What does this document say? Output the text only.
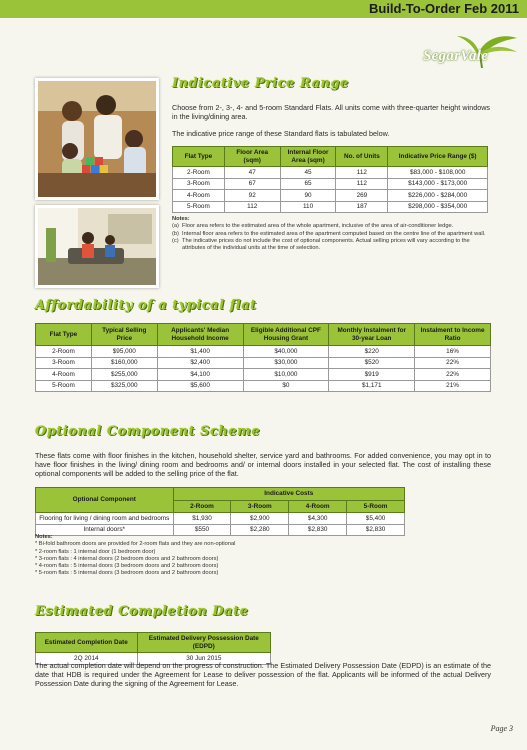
Build-To-Order Feb 2011
SegarVale
Indicative Price Range
Choose from 2-, 3-, 4- and 5-room Standard Flats. All units come with three-quarter height windows in the living/dining area.
The indicative price range of these Standard flats is tabulated below.
Flat Type	Floor Area (sqm)	Internal Floor Area (sqm)	No. of Units	Indicative Price Range ($)
2-Room	47	45	112	$83,000 - $108,000
3-Room	67	65	112	$143,000 - $173,000
4-Room	92	90	269	$226,000 - $284,000
5-Room	112	110	187	$298,000 - $354,000
Notes:
(a) Floor area refers to the estimated area of the whole apartment, inclusive of the area of air-conditioner ledge.
(b) Internal floor area refers to the estimated area of the apartment computed based on the centre line of the apartment wall.
(c) The indicative prices do not include the cost of optional components. Actual selling prices will vary according to the attributes of the individual units at the time of selection.
Affordability of a typical flat
Flat Type	Typical Selling Price	Applicants' Median Household Income	Eligible Additional CPF Housing Grant	Monthly Instalment for 30-year Loan	Instalment to Income Ratio
2-Room	$95,000	$1,400	$40,000	$220	16%
3-Room	$160,000	$2,400	$30,000	$520	22%
4-Room	$255,000	$4,100	$10,000	$919	22%
5-Room	$325,000	$5,600	$0	$1,171	21%
Optional Component Scheme
These flats come with floor finishes in the kitchen, household shelter, service yard and bathrooms. For added convenience, you may opt in to have floor finishes in the living/ dining room and bedrooms and/ or internal doors installed in your selected flat. The cost of installing these optional components will be added to the selling price of the flat.
Optional Component	Indicative Costs			
	2-Room	3-Room	4-Room	5-Room
Flooring for living / dining room and bedrooms	$1,930	$2,900	$4,300	$5,400
Internal doors*	$550	$2,280	$2,830	$2,830
Notes:
* Bi-fold bathroom doors are provided for 2-room flats and they are non-optional
* 2-room flats : 1 internal door (1 bedroom door)
* 3-room flats : 4 internal doors (2 bedroom doors and 2 bathroom doors)
* 4-room flats : 5 internal doors (3 bedroom doors and 2 bathroom doors)
* 5-room flats : 5 internal doors (3 bedroom doors and 2 bathroom doors)
Estimated Completion Date
Estimated Completion Date	Estimated Delivery Possession Date (EDPD)
2Q 2014	30 Jun 2015
The actual completion date will depend on the progress of construction. The Estimated Delivery Possession Date (EDPD) is an estimate of the date that HDB is required under the Agreement for Lease to deliver possession of the flat. Applicants will be informed of the actual Delivery Possession Date during the signing of the Agreement for Lease.
Page 3
